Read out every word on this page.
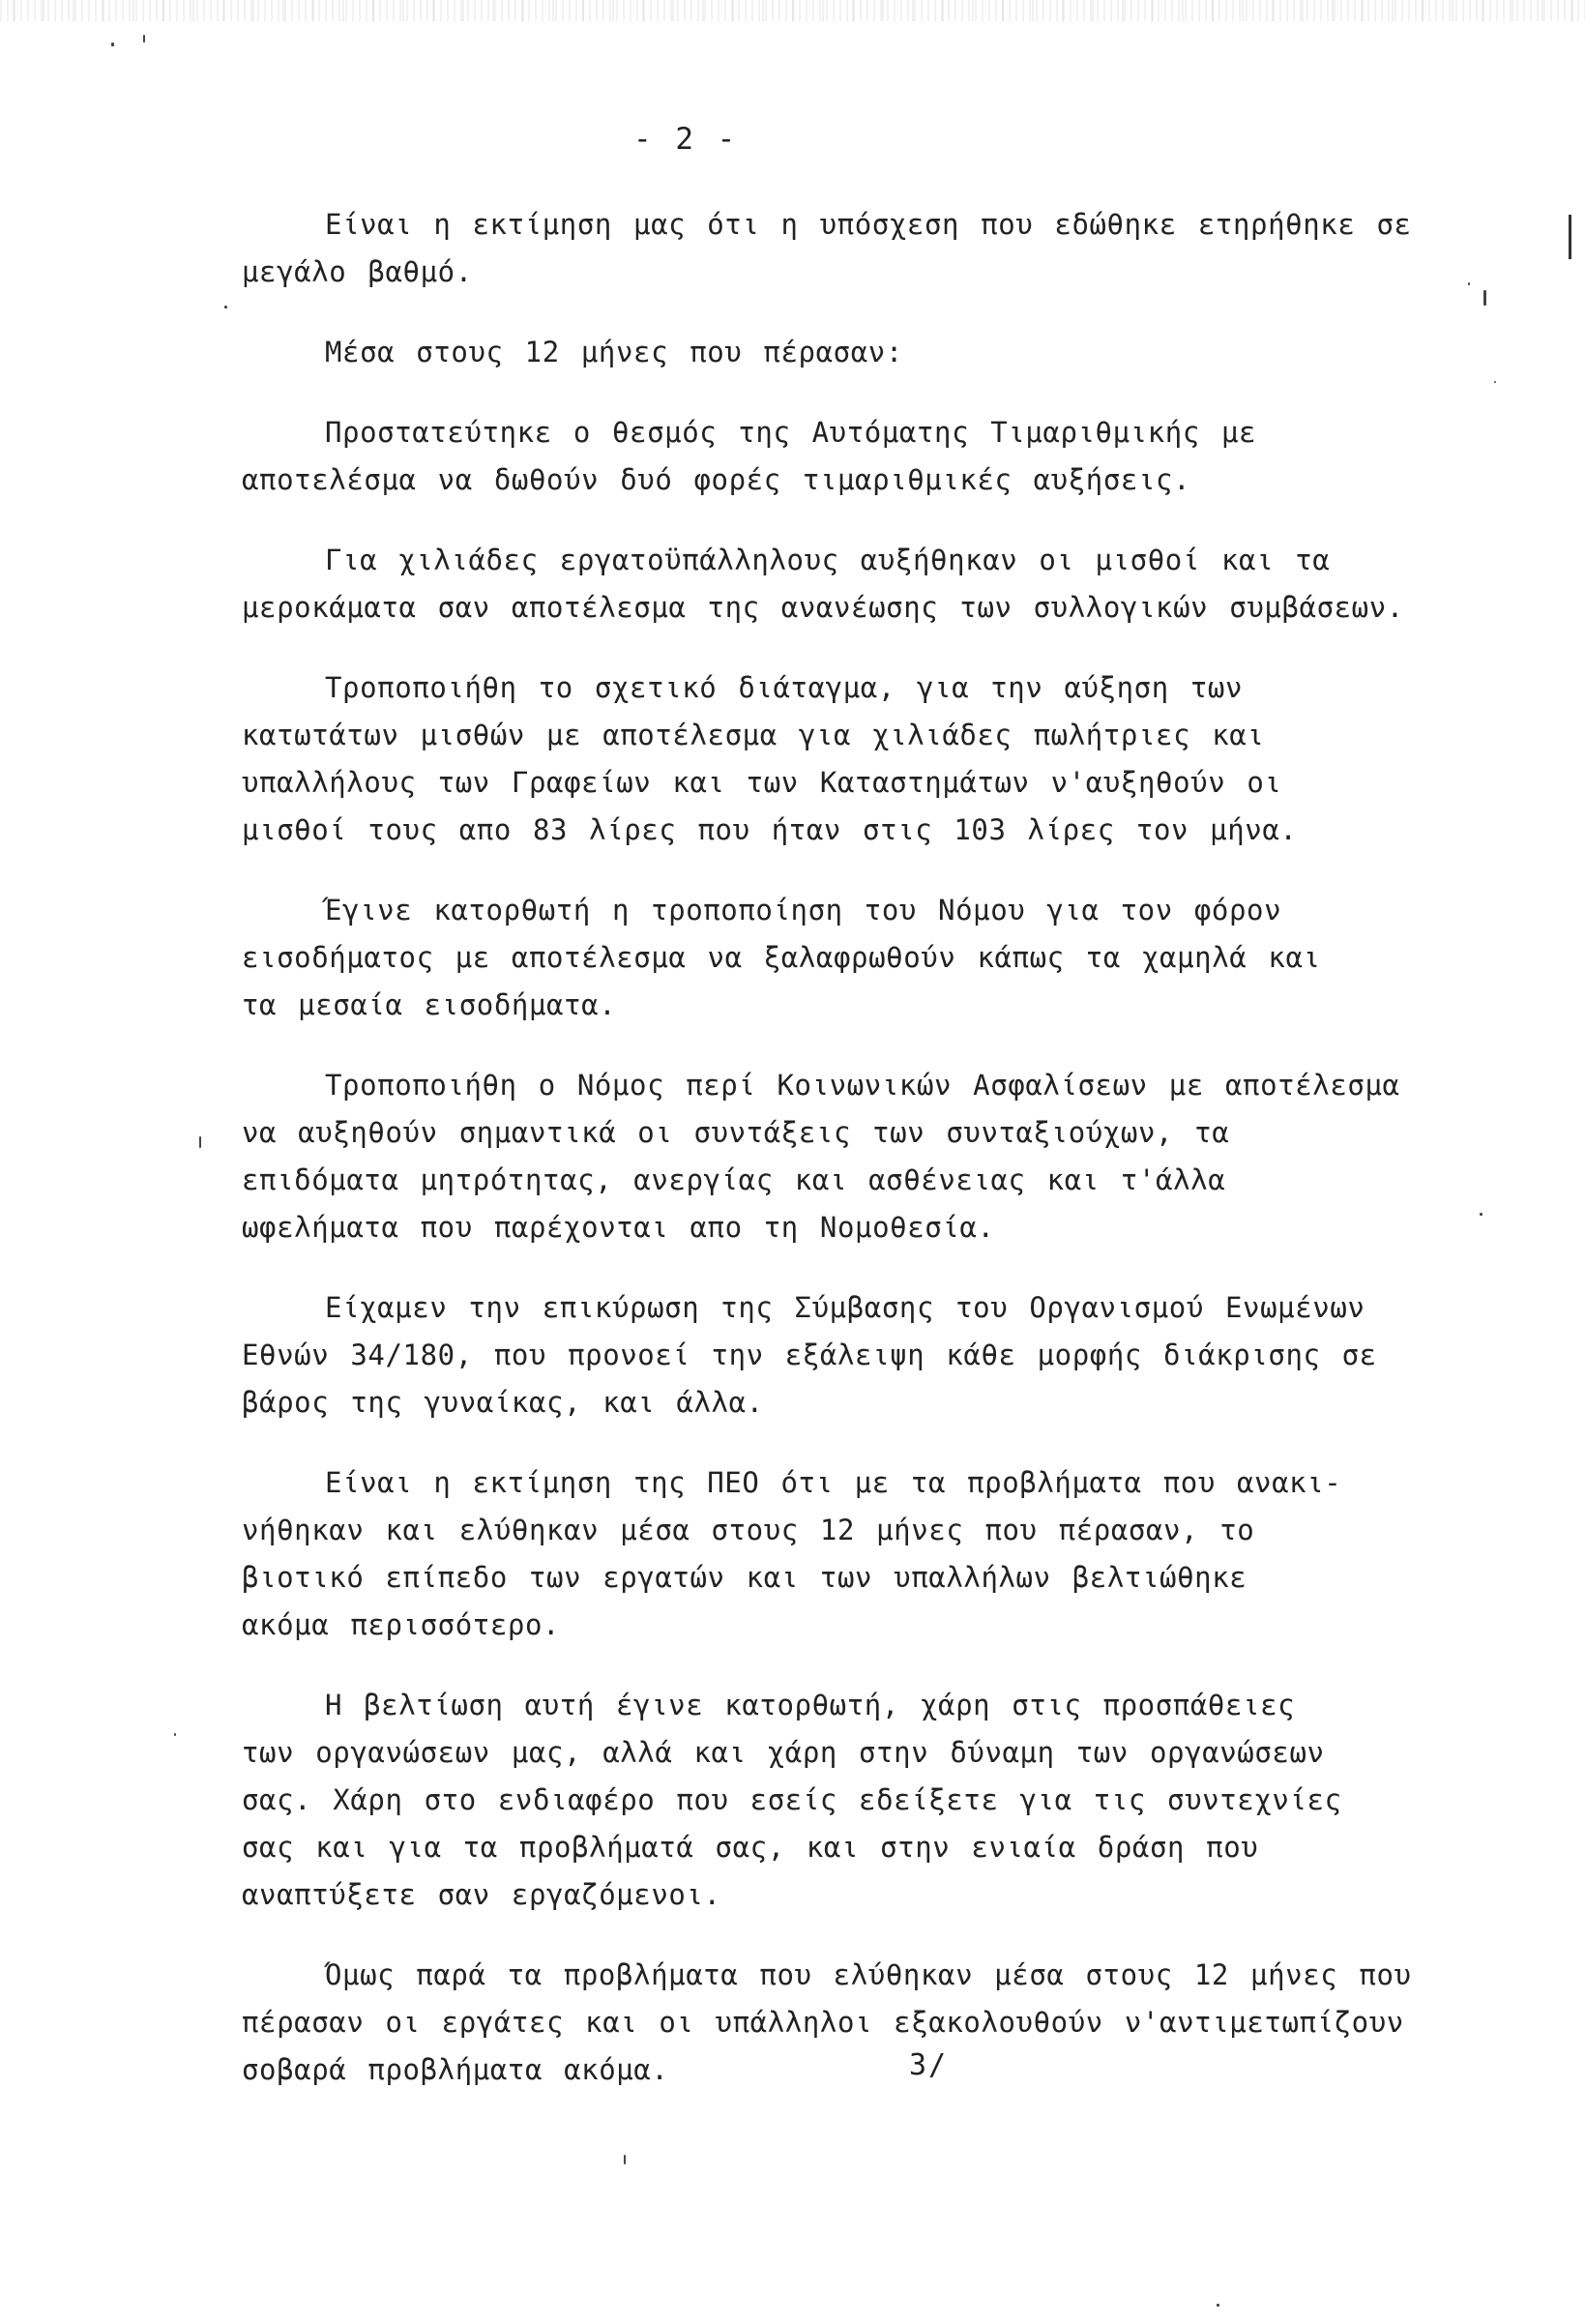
- 2 -
Είναι η εκτίμηση μας ότι η υπόσχεση που εδώθηκε ετηρήθηκε σε
μεγάλο βαθμό.
Μέσα στους 12 μήνες που πέρασαν:
Προστατεύτηκε ο θεσμός της Αυτόματης Τιμαριθμικής με
αποτελέσμα να δωθούν δυό φορές τιμαριθμικές αυξήσεις.
Για χιλιάδες εργατοϋπάλληλους αυξήθηκαν οι μισθοί και τα
μεροκάματα σαν αποτέλεσμα της ανανέωσης των συλλογικών συμβάσεων.
Τροποποιήθη το σχετικό διάταγμα, για την αύξηση των
κατωτάτων μισθών με αποτέλεσμα για χιλιάδες πωλήτριες και
υπαλλήλους των Γραφείων και των Καταστημάτων ν'αυξηθούν οι
μισθοί τους απο 83 λίρες που ήταν στις 103 λίρες τον μήνα.
Έγινε κατορθωτή η τροποποίηση του Νόμου για τον φόρον
εισοδήματος με αποτέλεσμα να ξαλαφρωθούν κάπως τα χαμηλά και
τα μεσαία εισοδήματα.
Τροποποιήθη ο Νόμος περί Κοινωνικών Ασφαλίσεων με αποτέλεσμα
να αυξηθούν σημαντικά οι συντάξεις των συνταξιούχων, τα
επιδόματα μητρότητας, ανεργίας και ασθένειας και τ'άλλα
ωφελήματα που παρέχονται απο τη Νομοθεσία.
Είχαμεν την επικύρωση της Σύμβασης του Οργανισμού Ενωμένων
Εθνών 34/180, που προνοεί την εξάλειψη κάθε μορφής διάκρισης σε
βάρος της γυναίκας, και άλλα.
Είναι η εκτίμηση της ΠΕΟ ότι με τα προβλήματα που ανακι-
νήθηκαν και ελύθηκαν μέσα στους 12 μήνες που πέρασαν, το
βιοτικό επίπεδο των εργατών και των υπαλλήλων βελτιώθηκε
ακόμα περισσότερο.
Η βελτίωση αυτή έγινε κατορθωτή, χάρη στις προσπάθειες
των οργανώσεων μας, αλλά και χάρη στην δύναμη των οργανώσεων
σας. Χάρη στο ενδιαφέρο που εσείς εδείξετε για τις συντεχνίες
σας και για τα προβλήματά σας, και στην ενιαία δράση που
αναπτύξετε σαν εργαζόμενοι.
Όμως παρά τα προβλήματα που ελύθηκαν μέσα στους 12 μήνες που
πέρασαν οι εργάτες και οι υπάλληλοι εξακολουθούν ν'αντιμετωπίζουν
σοβαρά προβλήματα ακόμα.	3/
